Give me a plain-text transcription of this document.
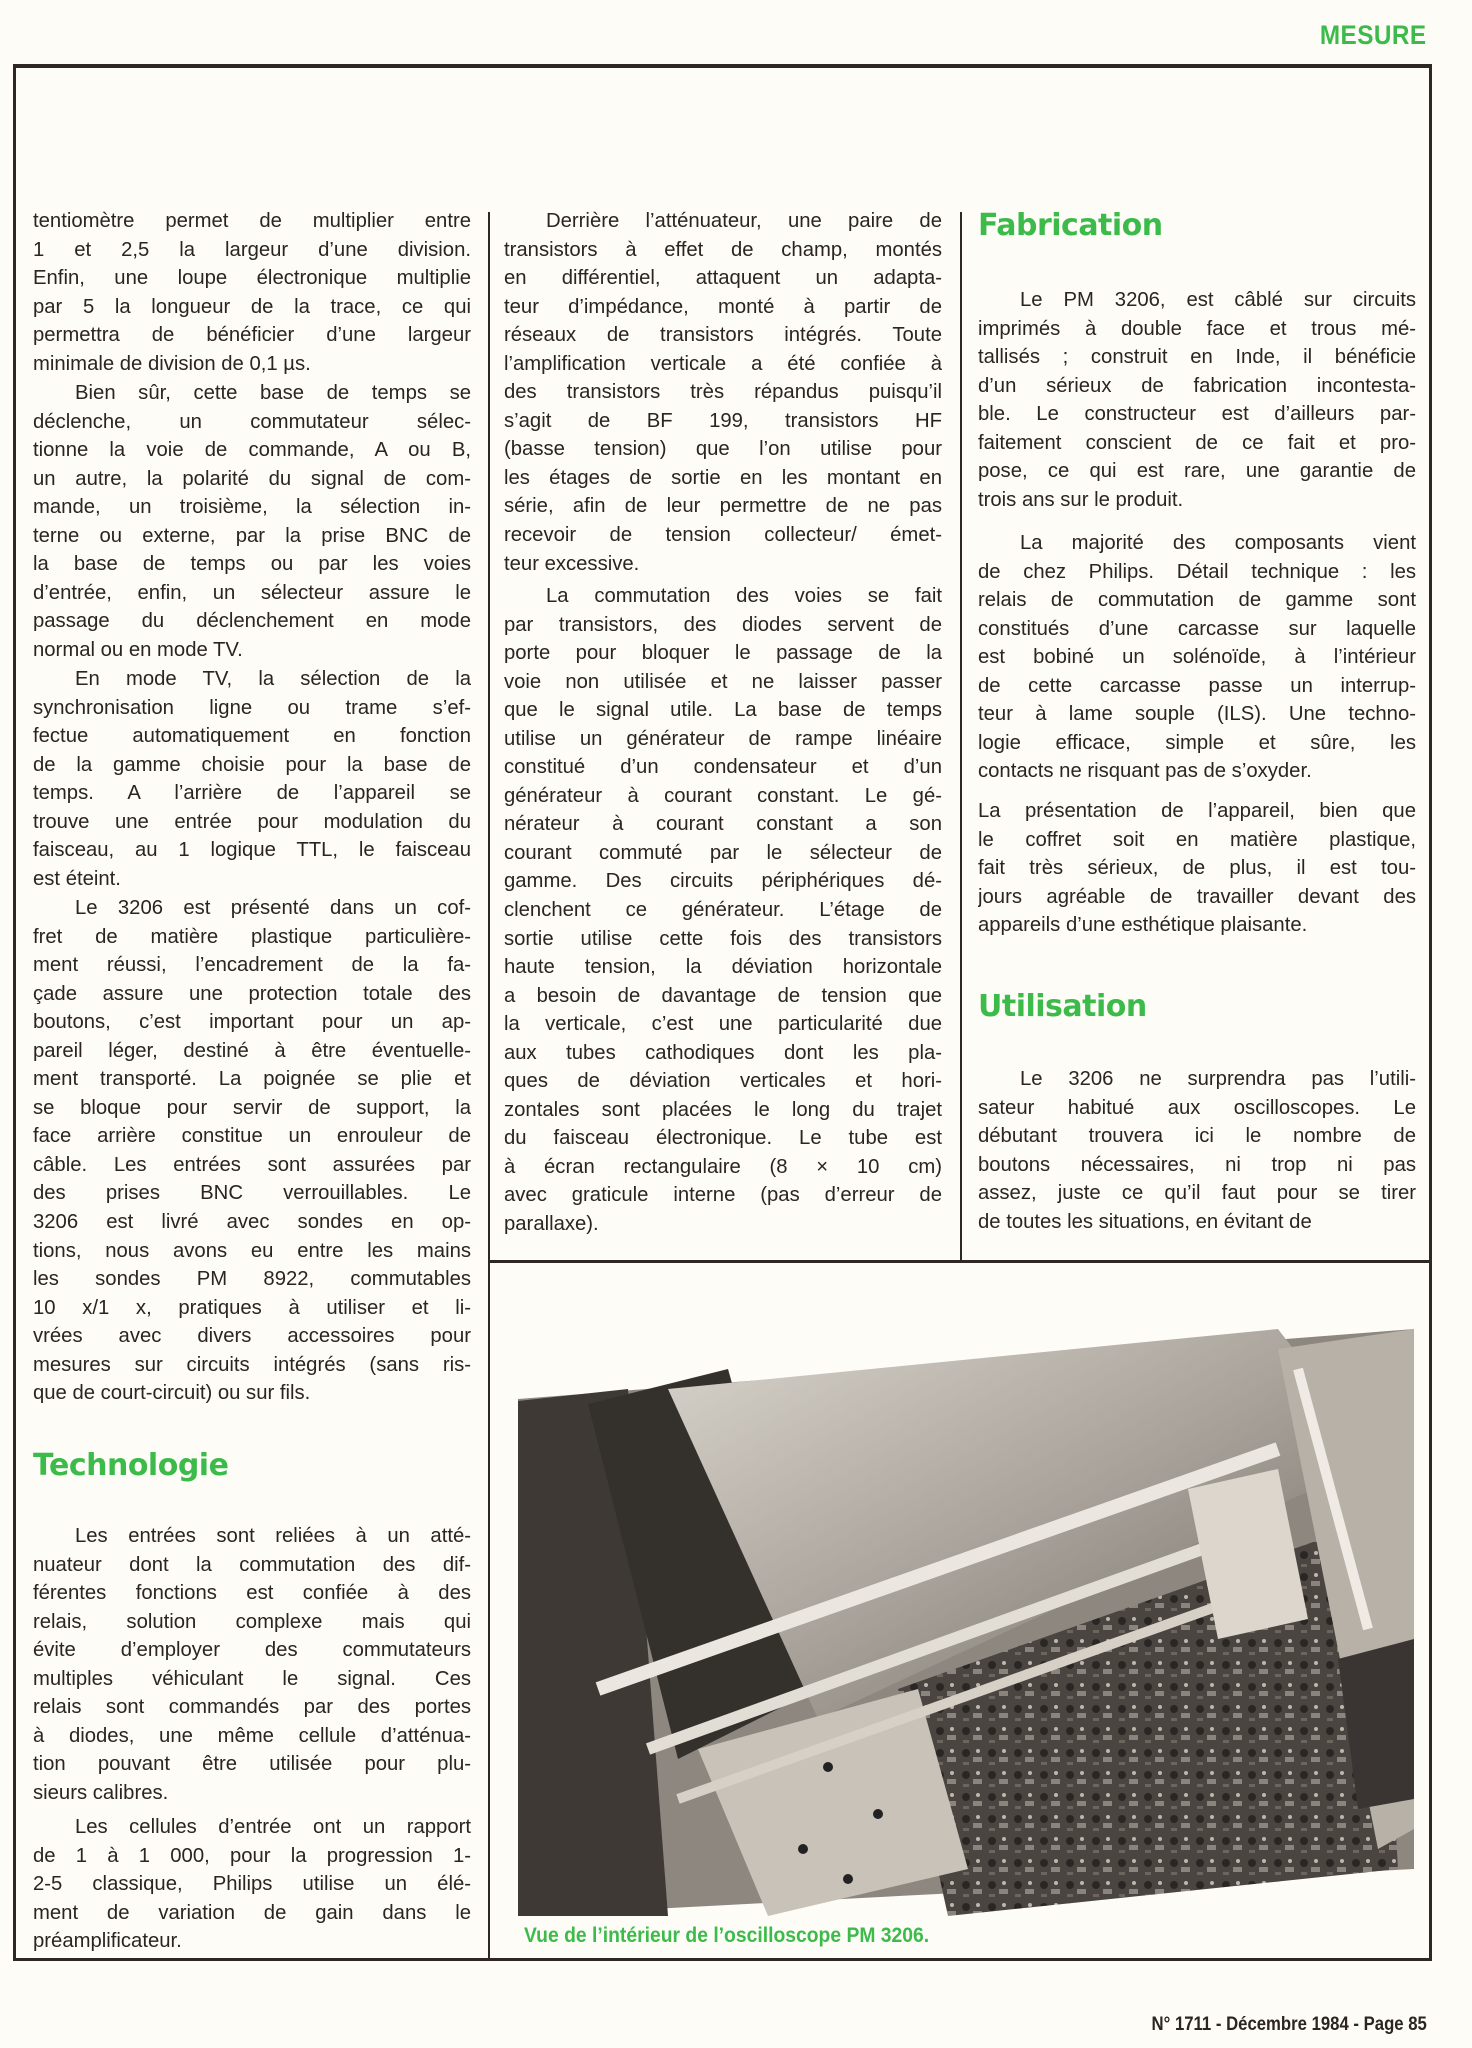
MESURE
tentiomètre permet de multiplier entre
1 et 2,5 la largeur d’une division.
Enfin, une loupe électronique multiplie
par 5 la longueur de la trace, ce qui
permettra de bénéficier d’une largeur
minimale de division de 0,1 µs.
Bien sûr, cette base de temps se
déclenche, un commutateur sélec-
tionne la voie de commande, A ou B,
un autre, la polarité du signal de com-
mande, un troisième, la sélection in-
terne ou externe, par la prise BNC de
la base de temps ou par les voies
d’entrée, enfin, un sélecteur assure le
passage du déclenchement en mode
normal ou en mode TV.
En mode TV, la sélection de la
synchronisation ligne ou trame s’ef-
fectue automatiquement en fonction
de la gamme choisie pour la base de
temps. A l’arrière de l’appareil se
trouve une entrée pour modulation du
faisceau, au 1 logique TTL, le faisceau
est éteint.
Le 3206 est présenté dans un cof-
fret de matière plastique particulière-
ment réussi, l’encadrement de la fa-
çade assure une protection totale des
boutons, c’est important pour un ap-
pareil léger, destiné à être éventuelle-
ment transporté. La poignée se plie et
se bloque pour servir de support, la
face arrière constitue un enrouleur de
câble. Les entrées sont assurées par
des prises BNC verrouillables. Le
3206 est livré avec sondes en op-
tions, nous avons eu entre les mains
les sondes PM 8922, commutables
10 x/1 x, pratiques à utiliser et li-
vrées avec divers accessoires pour
mesures sur circuits intégrés (sans ris-
que de court-circuit) ou sur fils.
Technologie
Les entrées sont reliées à un atté-
nuateur dont la commutation des dif-
férentes fonctions est confiée à des
relais, solution complexe mais qui
évite d’employer des commutateurs
multiples véhiculant le signal. Ces
relais sont commandés par des portes
à diodes, une même cellule d’atténua-
tion pouvant être utilisée pour plu-
sieurs calibres.
Les cellules d’entrée ont un rapport
de 1 à 1 000, pour la progression 1-
2-5 classique, Philips utilise un élé-
ment de variation de gain dans le
préamplificateur.
Derrière l’atténuateur, une paire de
transistors à effet de champ, montés
en différentiel, attaquent un adapta-
teur d’impédance, monté à partir de
réseaux de transistors intégrés. Toute
l’amplification verticale a été confiée à
des transistors très répandus puisqu’il
s’agit de BF 199, transistors HF
(basse tension) que l’on utilise pour
les étages de sortie en les montant en
série, afin de leur permettre de ne pas
recevoir de tension collecteur/ émet-
teur excessive.
La commutation des voies se fait
par transistors, des diodes servent de
porte pour bloquer le passage de la
voie non utilisée et ne laisser passer
que le signal utile. La base de temps
utilise un générateur de rampe linéaire
constitué d’un condensateur et d’un
générateur à courant constant. Le gé-
nérateur à courant constant a son
courant commuté par le sélecteur de
gamme. Des circuits périphériques dé-
clenchent ce générateur. L’étage de
sortie utilise cette fois des transistors
haute tension, la déviation horizontale
a besoin de davantage de tension que
la verticale, c’est une particularité due
aux tubes cathodiques dont les pla-
ques de déviation verticales et hori-
zontales sont placées le long du trajet
du faisceau électronique. Le tube est
à écran rectangulaire (8 × 10 cm)
avec graticule interne (pas d’erreur de
parallaxe).
Fabrication
Le PM 3206, est câblé sur circuits
imprimés à double face et trous mé-
tallisés ; construit en Inde, il bénéficie
d’un sérieux de fabrication incontesta-
ble. Le constructeur est d’ailleurs par-
faitement conscient de ce fait et pro-
pose, ce qui est rare, une garantie de
trois ans sur le produit.
La majorité des composants vient
de chez Philips. Détail technique : les
relais de commutation de gamme sont
constitués d’une carcasse sur laquelle
est bobiné un solénoïde, à l’intérieur
de cette carcasse passe un interrup-
teur à lame souple (ILS). Une techno-
logie efficace, simple et sûre, les
contacts ne risquant pas de s’oxyder.
La présentation de l’appareil, bien que
le coffret soit en matière plastique,
fait très sérieux, de plus, il est tou-
jours agréable de travailler devant des
appareils d’une esthétique plaisante.
Utilisation
Le 3206 ne surprendra pas l’utili-
sateur habitué aux oscilloscopes. Le
débutant trouvera ici le nombre de
boutons nécessaires, ni trop ni pas
assez, juste ce qu’il faut pour se tirer
de toutes les situations, en évitant de
Vue de l’intérieur de l’oscilloscope PM 3206.
N° 1711 - Décembre 1984 - Page 85
